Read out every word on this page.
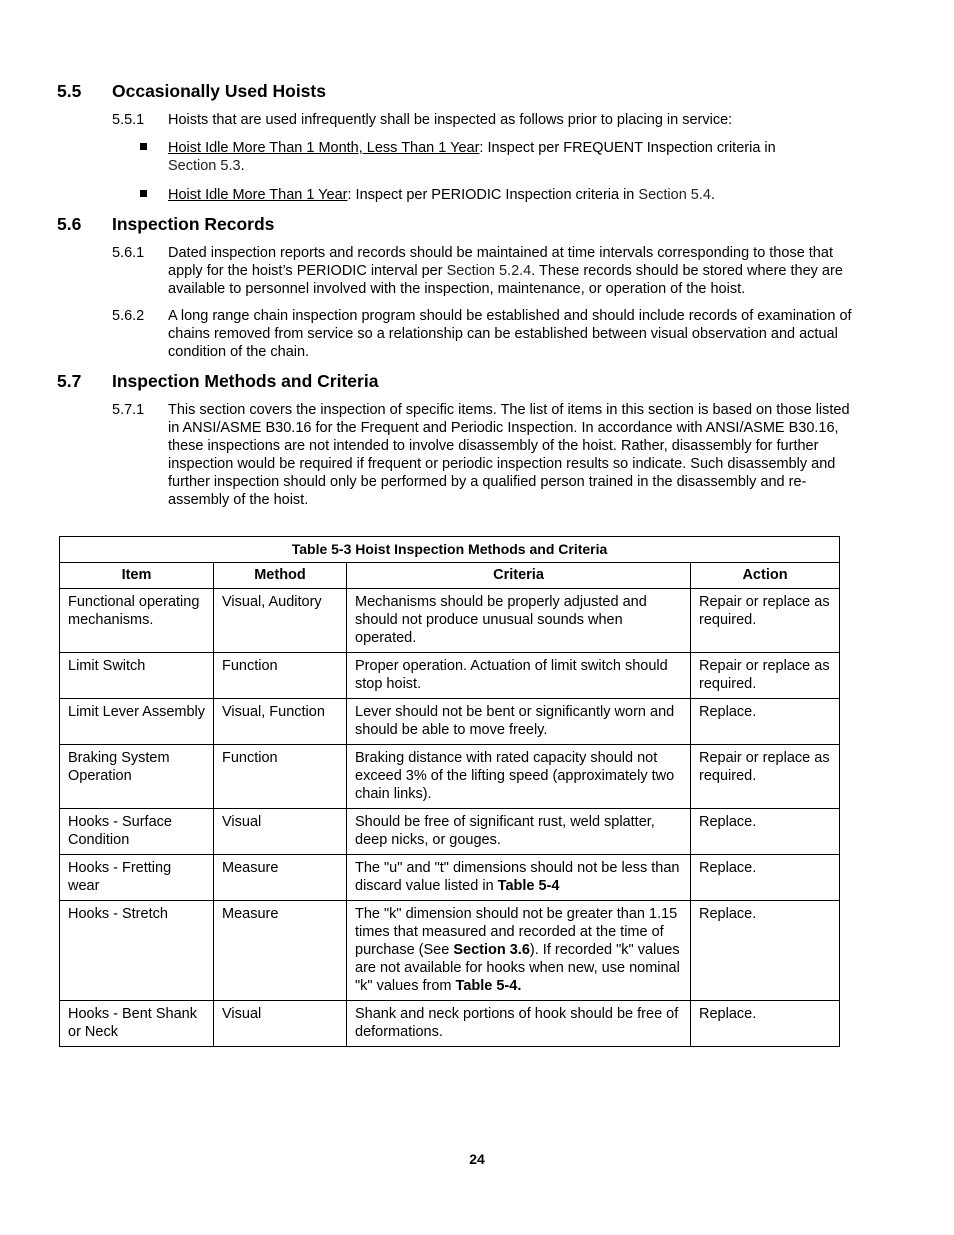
5.5 Occasionally Used Hoists
5.5.1	Hoists that are used infrequently shall be inspected as follows prior to placing in service:
Hoist Idle More Than 1 Month, Less Than 1 Year: Inspect per FREQUENT Inspection criteria in Section 5.3.
Hoist Idle More Than 1 Year: Inspect per PERIODIC Inspection criteria in Section 5.4.
5.6 Inspection Records
5.6.1	Dated inspection reports and records should be maintained at time intervals corresponding to those that apply for the hoist’s PERIODIC interval per Section 5.2.4. These records should be stored where they are available to personnel involved with the inspection, maintenance, or operation of the hoist.
5.6.2	A long range chain inspection program should be established and should include records of examination of chains removed from service so a relationship can be established between visual observation and actual condition of the chain.
5.7 Inspection Methods and Criteria
5.7.1	This section covers the inspection of specific items. The list of items in this section is based on those listed in ANSI/ASME B30.16 for the Frequent and Periodic Inspection. In accordance with ANSI/ASME B30.16, these inspections are not intended to involve disassembly of the hoist. Rather, disassembly for further inspection would be required if frequent or periodic inspection results so indicate. Such disassembly and further inspection should only be performed by a qualified person trained in the disassembly and re-assembly of the hoist.
Table 5-3 Hoist Inspection Methods and Criteria			
Item	Method	Criteria	Action
Functional operating mechanisms.	Visual, Auditory	Mechanisms should be properly adjusted and should not produce unusual sounds when operated.	Repair or replace as required.
Limit Switch	Function	Proper operation. Actuation of limit switch should stop hoist.	Repair or replace as required.
Limit Lever Assembly	Visual, Function	Lever should not be bent or significantly worn and should be able to move freely.	Replace.
Braking System Operation	Function	Braking distance with rated capacity should not exceed 3% of the lifting speed (approximately two chain links).	Repair or replace as required.
Hooks - Surface Condition	Visual	Should be free of significant rust, weld splatter, deep nicks, or gouges.	Replace.
Hooks - Fretting wear	Measure	The "u" and "t" dimensions should not be less than discard value listed in Table 5-4	Replace.
Hooks - Stretch	Measure	The "k" dimension should not be greater than 1.15 times that measured and recorded at the time of purchase (See Section 3.6). If recorded "k" values are not available for hooks when new, use nominal "k" values from Table 5-4.	Replace.
Hooks - Bent Shank or Neck	Visual	Shank and neck portions of hook should be free of deformations.	Replace.
24
